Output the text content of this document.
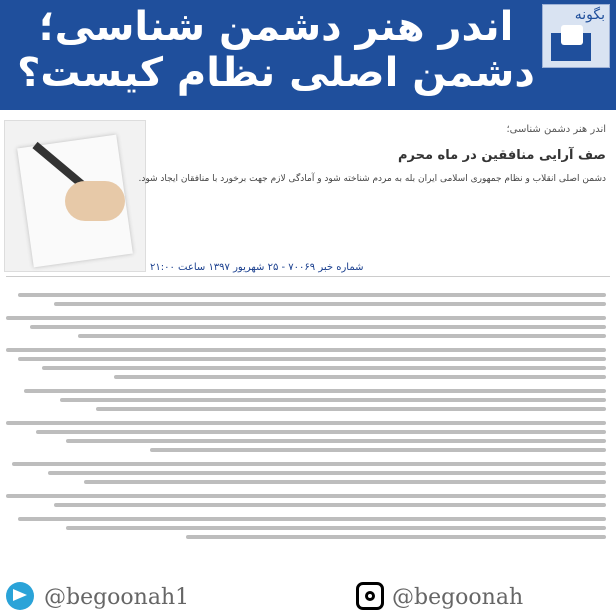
اندر هنر دشمن شناسی؛
دشمن اصلی نظام کیست؟
بگونه
اندر هنر دشمن شناسی؛
صف آرایی منافقین در ماه محرم
دشمن اصلی انقلاب و نظام جمهوری اسلامی ایران بله به مردم شناخته شود و آمادگی لازم جهت برخورد با منافقان ایجاد شود.
شماره خبر ۷۰۰۶۹ - ۲۵ شهریور ۱۳۹۷ ساعت ۲۱:۰۰
@begoonah1	@begoonah
